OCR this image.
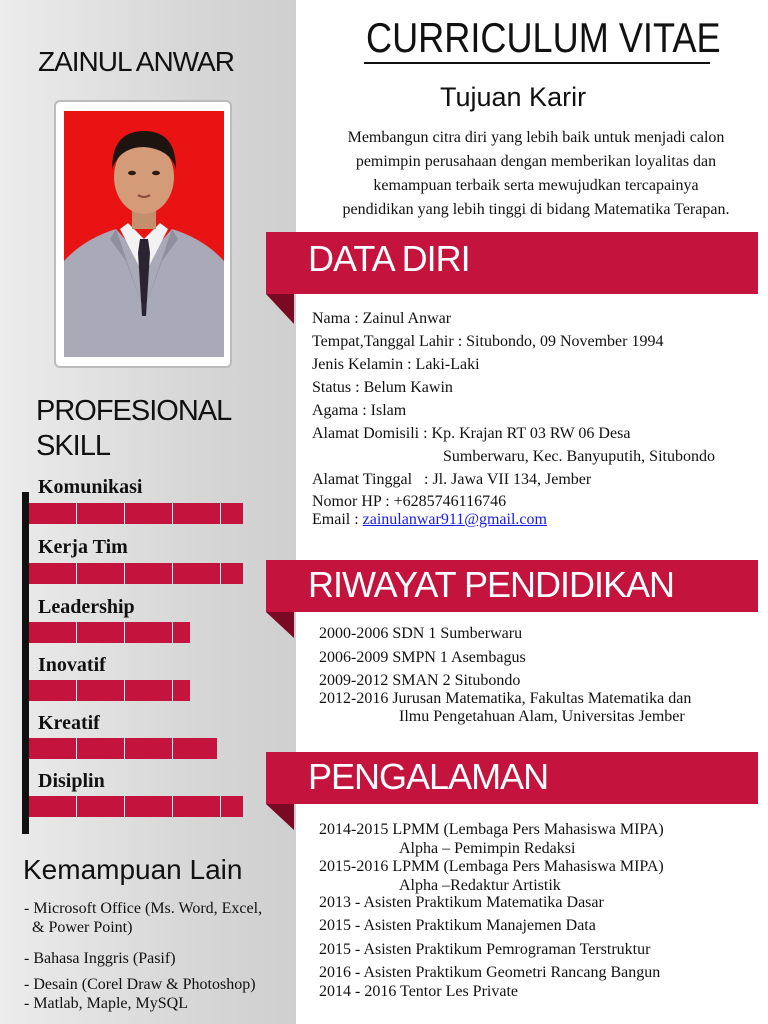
ZAINUL ANWAR
PROFESIONAL
SKILL
Komunikasi
Kerja Tim
Leadership
Inovatif
Kreatif
Disiplin
Kemampuan Lain
- Microsoft Office (Ms. Word, Excel,
& Power Point)
- Bahasa Inggris (Pasif)
- Desain (Corel Draw & Photoshop)
- Matlab, Maple, MySQL
CURRICULUM VITAE
Tujuan Karir
Membangun citra diri yang lebih baik untuk menjadi calon
pemimpin perusahaan dengan memberikan loyalitas dan
kemampuan terbaik serta mewujudkan tercapainya
pendidikan yang lebih tinggi di bidang Matematika Terapan.
DATA DIRI
Nama : Zainul Anwar
Tempat,Tanggal Lahir : Situbondo, 09 November 1994
Jenis Kelamin : Laki-Laki
Status : Belum Kawin
Agama : Islam
Alamat Domisili : Kp. Krajan RT 03 RW 06 Desa
Sumberwaru, Kec. Banyuputih, Situbondo
Alamat Tinggal   : Jl. Jawa VII 134, Jember
Nomor HP : +6285746116746
Email : zainulanwar911@gmail.com
RIWAYAT PENDIDIKAN
2000-2006 SDN 1 Sumberwaru
2006-2009 SMPN 1 Asembagus
2009-2012 SMAN 2 Situbondo
2012-2016 Jurusan Matematika, Fakultas Matematika dan
Ilmu Pengetahuan Alam, Universitas Jember
PENGALAMAN
2014-2015 LPMM (Lembaga Pers Mahasiswa MIPA)
Alpha – Pemimpin Redaksi
2015-2016 LPMM (Lembaga Pers Mahasiswa MIPA)
Alpha –Redaktur Artistik
2013 - Asisten Praktikum Matematika Dasar
2015 - Asisten Praktikum Manajemen Data
2015 - Asisten Praktikum Pemrograman Terstruktur
2016 - Asisten Praktikum Geometri Rancang Bangun
2014 - 2016 Tentor Les Private
